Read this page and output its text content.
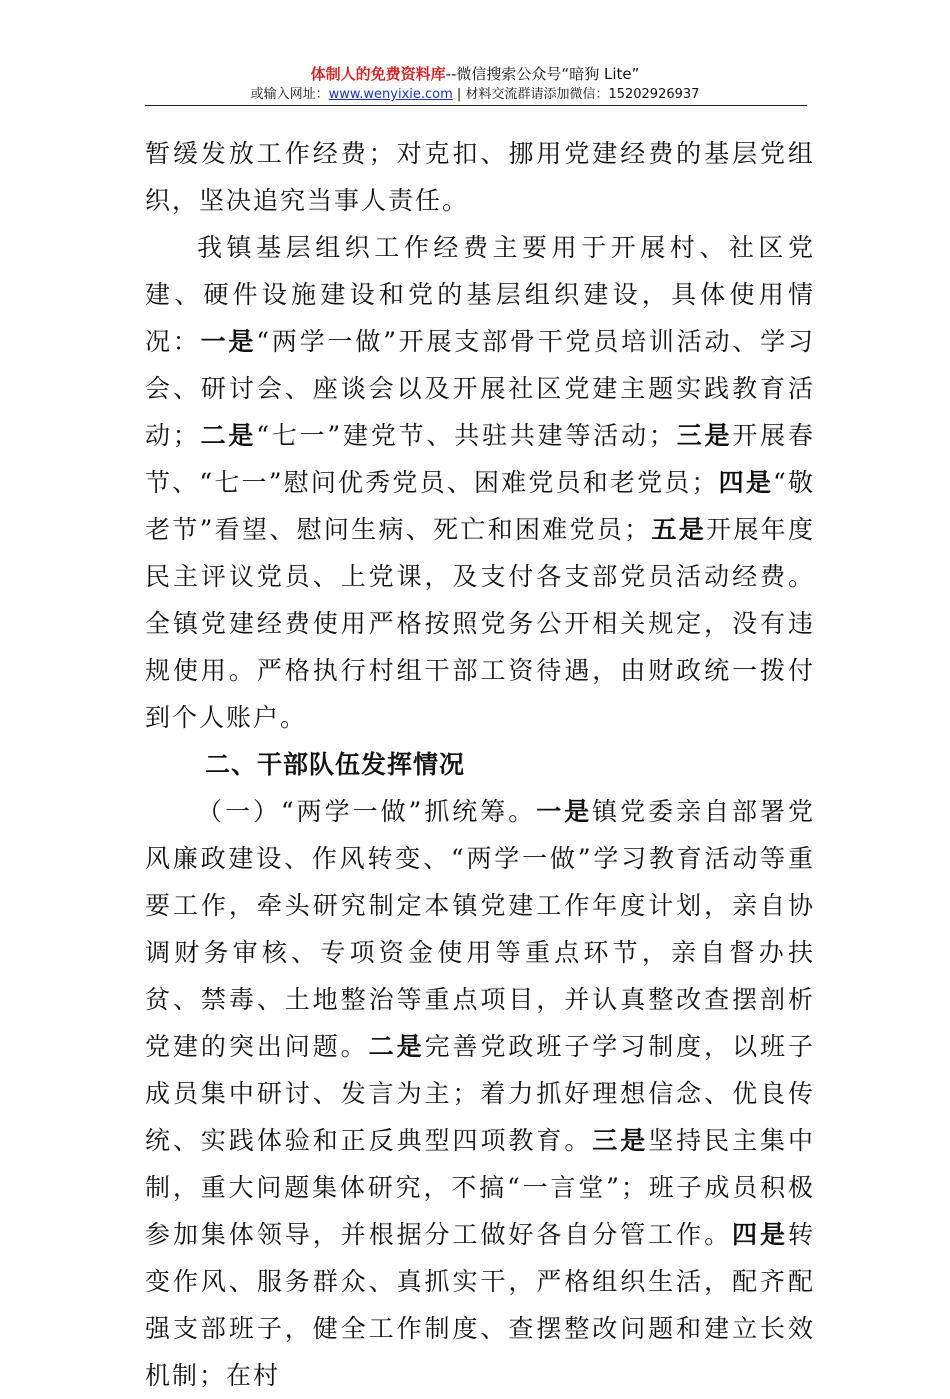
体制人的免费资料库--微信搜索公众号“暗狗 Lite”
或输入网址：www.wenyixie.com | 材料交流群请添加微信：15202926937

暂缓发放工作经费；对克扣、挪用党建经费的基层党组织，坚决追究当事人责任。

我镇基层组织工作经费主要用于开展村、社区党建、硬件设施建设和党的基层组织建设，具体使用情况：一是“两学一做”开展支部骨干党员培训活动、学习会、研讨会、座谈会以及开展社区党建主题实践教育活动；二是“七一”建党节、共驻共建等活动；三是开展春节、“七一”慰问优秀党员、困难党员和老党员；四是“敬老节”看望、慰问生病、死亡和困难党员；五是开展年度民主评议党员、上党课，及支付各支部党员活动经费。全镇党建经费使用严格按照党务公开相关规定，没有违规使用。严格执行村组干部工资待遇，由财政统一拨付到个人账户。

二、干部队伍发挥情况

（一）“两学一做”抓统筹。一是镇党委亲自部署党风廉政建设、作风转变、“两学一做”学习教育活动等重要工作，牵头研究制定本镇党建工作年度计划，亲自协调财务审核、专项资金使用等重点环节，亲自督办扶贫、禁毒、土地整治等重点项目，并认真整改查摆剖析党建的突出问题。二是完善党政班子学习制度，以班子成员集中研讨、发言为主；着力抓好理想信念、优良传统、实践体验和正反典型四项教育。三是坚持民主集中制，重大问题集体研究，不搞“一言堂”；班子成员积极参加集体领导，并根据分工做好各自分管工作。四是转变作风、服务群众、真抓实干，严格组织生活，配齐配强支部班子，健全工作制度、查摆整改问题和建立长效机制；在村
